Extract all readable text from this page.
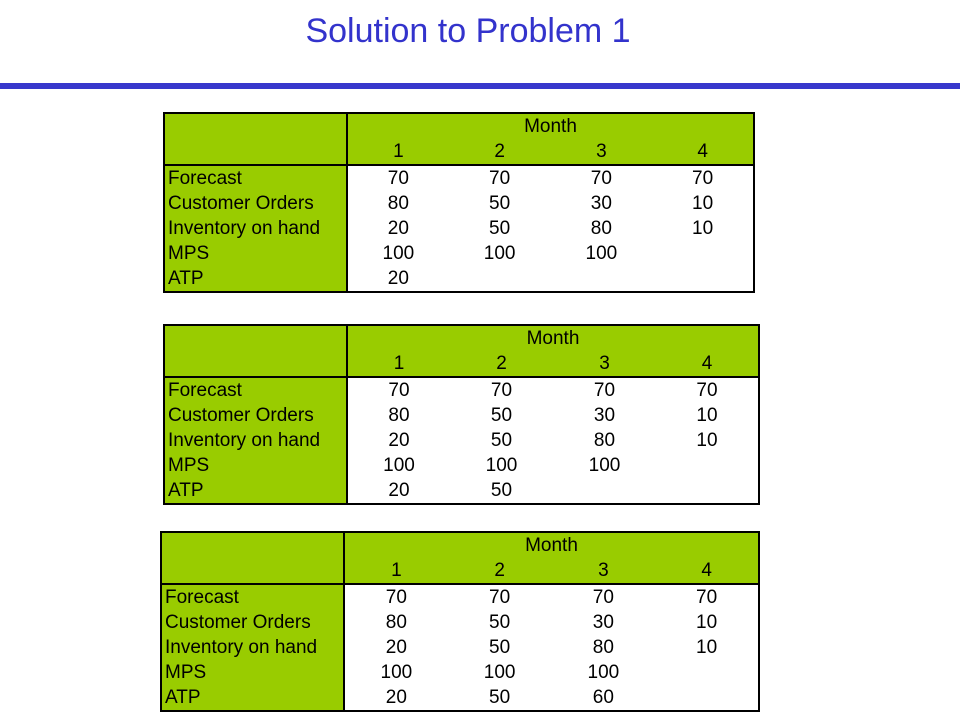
Solution to Problem 1
	Month			
	1	2	3	4
Forecast	70	70	70	70
Customer Orders	80	50	30	10
Inventory on hand	20	50	80	10
MPS	100	100	100	
ATP	20			
	Month			
	1	2	3	4
Forecast	70	70	70	70
Customer Orders	80	50	30	10
Inventory on hand	20	50	80	10
MPS	100	100	100	
ATP	20	50		
	Month			
	1	2	3	4
Forecast	70	70	70	70
Customer Orders	80	50	30	10
Inventory on hand	20	50	80	10
MPS	100	100	100	
ATP	20	50	60	
